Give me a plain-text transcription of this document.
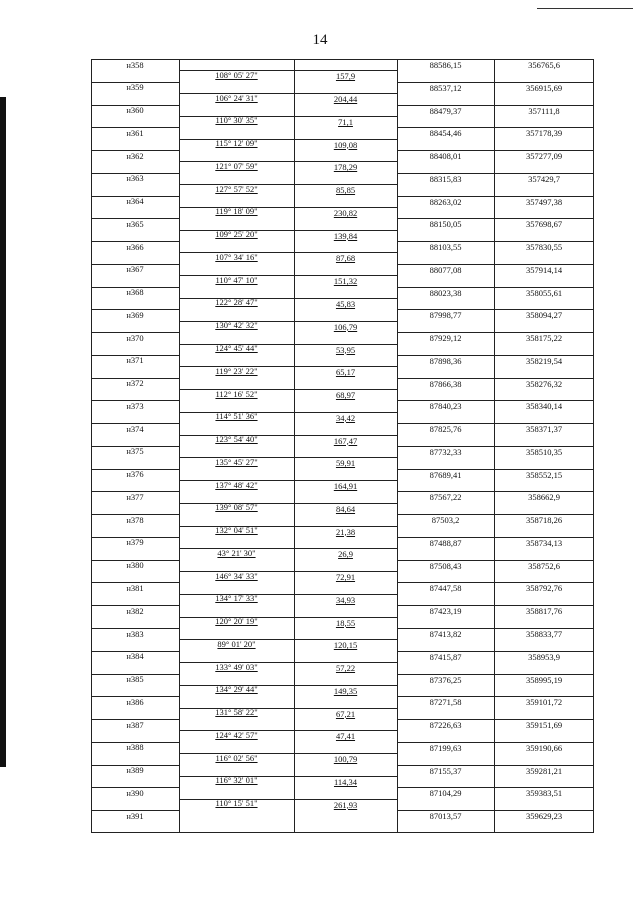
14
н358	88586,15	356765,6
108° 05' 27"	157,9
н359	88537,12	356915,69
106° 24' 31"	204,44
н360	88479,37	357111,8
110° 30' 35"	71,1
н361	88454,46	357178,39
115° 12' 09"	109,08
н362	88408,01	357277,09
121° 07' 59"	178,29
н363	88315,83	357429,7
127° 57' 52"	85,85
н364	88263,02	357497,38
119° 18' 09"	230,82
н365	88150,05	357698,67
109° 25' 20"	139,84
н366	88103,55	357830,55
107° 34' 16"	87,68
н367	88077,08	357914,14
110° 47' 10"	151,32
н368	88023,38	358055,61
122° 28' 47"	45,83
н369	87998,77	358094,27
130° 42' 32"	106,79
н370	87929,12	358175,22
124° 45' 44"	53,95
н371	87898,36	358219,54
119° 23' 22"	65,17
н372	87866,38	358276,32
112° 16' 52"	68,97
н373	87840,23	358340,14
114° 51' 36"	34,42
н374	87825,76	358371,37
123° 54' 40"	167,47
н375	87732,33	358510,35
135° 45' 27"	59,91
н376	87689,41	358552,15
137° 48' 42"	164,91
н377	87567,22	358662,9
139° 08' 57"	84,64
н378	87503,2	358718,26
132° 04' 51"	21,38
н379	87488,87	358734,13
43° 21' 30"	26,9
н380	87508,43	358752,6
146° 34' 33"	72,91
н381	87447,58	358792,76
134° 17' 33"	34,93
н382	87423,19	358817,76
120° 20' 19"	18,55
н383	87413,82	358833,77
89° 01' 20"	120,15
н384	87415,87	358953,9
133° 49' 03"	57,22
н385	87376,25	358995,19
134° 29' 44"	149,35
н386	87271,58	359101,72
131° 58' 22"	67,21
н387	87226,63	359151,69
124° 42' 57"	47,41
н388	87199,63	359190,66
116° 02' 56"	100,79
н389	87155,37	359281,21
116° 32' 01"	114,34
н390	87104,29	359383,51
110° 15' 51"	261,93
н391	87013,57	359629,23
